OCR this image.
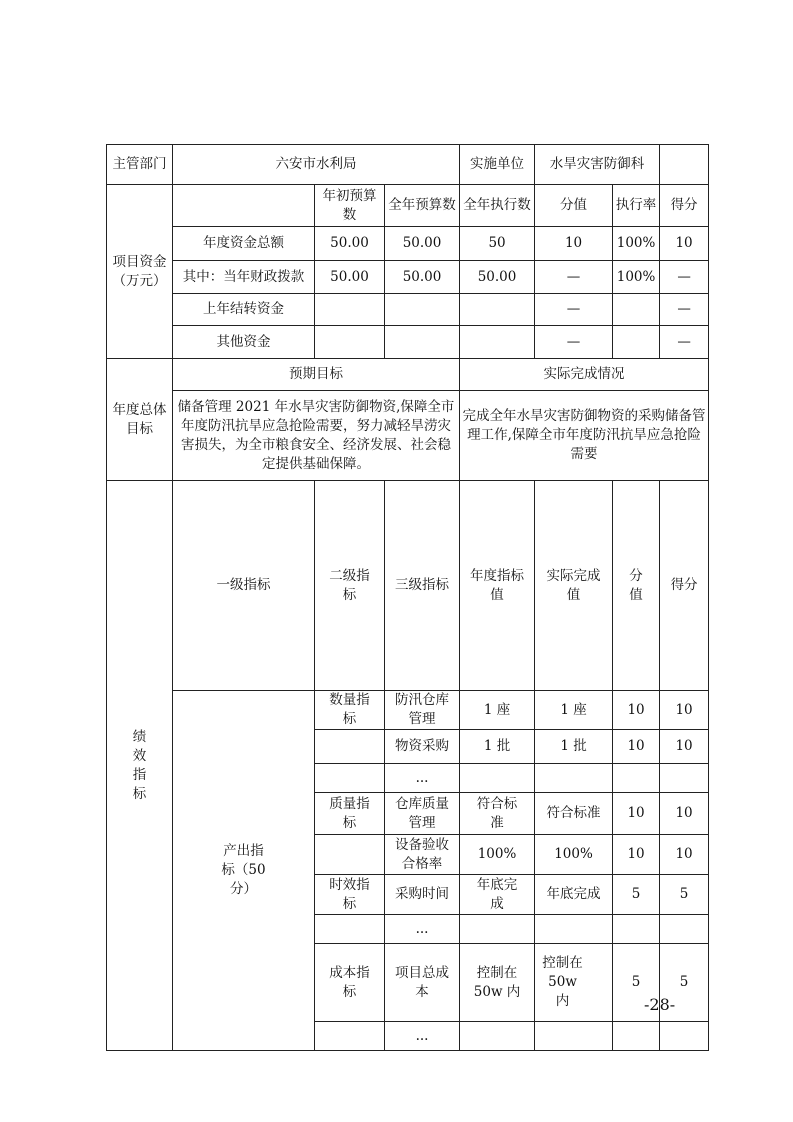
主管部门	六安市水利局			实施单位	水旱灾害防御科			
项目资金（万元）		年初预算数	全年预算数	全年执行数	分值	执行率	得分	
	年度资金总额	50.00	50.00	50	10	100%	10	
	其中：当年财政拨款	50.00	50.00	50.00	—	100%	—	
	上年结转资金				—		—	
	其他资金				—		—	
年度总体目标	预期目标			实际完成情况				
	储备管理 2021 年水旱灾害防御物资,保障全市年度防汛抗旱应急抢险需要，努力减轻旱涝灾害损失，为全市粮食安全、经济发展、社会稳定提供基础保障。			完成全年水旱灾害防御物资的采购储备管理工作,保障全市年度防汛抗旱应急抢险需要				
绩效指标	一级指标	二级指标	三级指标	年度指标值	实际完成值	分值	得分	
	产出指标（50 分）	数量指标	防汛仓库管理	1 座	1 座	10	10	
			物资采购	1 批	1 批	10	10	
			...					
		质量指标	仓库质量管理	符合标准	符合标准	10	10	
			设备验收合格率	100%	100%	10	10	
		时效指标	采购时间	年底完成	年底完成	5	5	
			...					
		成本指标	项目总成本	控制在 50w 内	控制在 50w 内	5	5	
			...					
-28-
